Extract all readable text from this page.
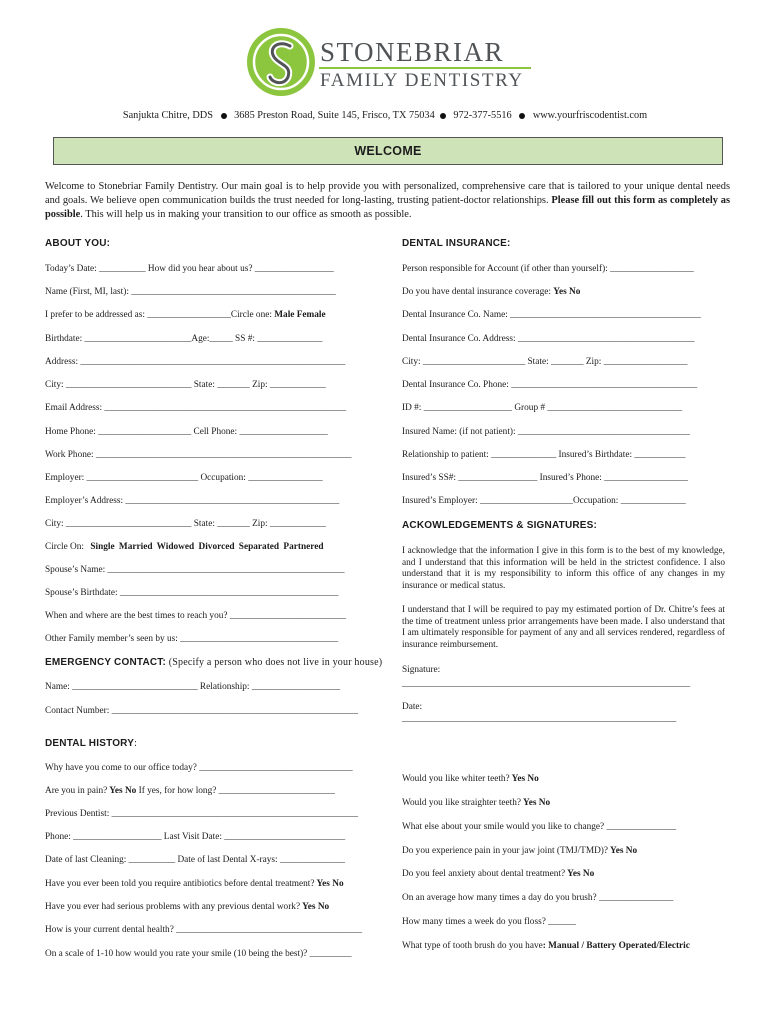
STONEBRIAR
FAMILY DENTISTRY
Sanjukta Chitre, DDS 3685 Preston Road, Suite 145, Frisco, TX 75034 972-377-5516 www.yourfriscodentist.com
WELCOME
Welcome to Stonebriar Family Dentistry. Our main goal is to help provide you with personalized, comprehensive care that is tailored to your unique dental needs and goals. We believe open communication builds the trust needed for long-lasting, trusting patient-doctor relationships. Please fill out this form as completely as possible. This will help us in making your transition to our office as smooth as possible.
ABOUT YOU:
Today’s Date: __________ How did you hear about us? _________________
Name (First, MI, last): ____________________________________________
I prefer to be addressed as: __________________Circle one: Male Female
Birthdate: _______________________Age:_____ SS #: ______________
Address: _________________________________________________________
City: ___________________________ State: _______ Zip: ____________
Email Address: ____________________________________________________
Home Phone: ____________________ Cell Phone: ___________________
Work Phone: _______________________________________________________
Employer: ________________________ Occupation: ________________
Employer’s Address: ______________________________________________
City: ___________________________ State: _______ Zip: ____________
Circle On: Single Married Widowed Divorced Separated Partnered
Spouse’s Name: ___________________________________________________
Spouse’s Birthdate: _______________________________________________
When and where are the best times to reach you? _________________________
Other Family member’s seen by us: __________________________________
EMERGENCY CONTACT: (Specify a person who does not live in your house)
Name: ___________________________ Relationship: ___________________
Contact Number: _____________________________________________________
DENTAL INSURANCE:
Person responsible for Account (if other than yourself): __________________
Do you have dental insurance coverage: Yes No
Dental Insurance Co. Name: _________________________________________
Dental Insurance Co. Address: ______________________________________
City: ______________________ State: _______ Zip: __________________
Dental Insurance Co. Phone: ________________________________________
ID #: ___________________ Group # _____________________________
Insured Name: (if not patient): _____________________________________
Relationship to patient: ______________ Insured’s Birthdate: ___________
Insured’s SS#: _________________ Insured’s Phone: __________________
Insured’s Employer: ____________________Occupation: ______________
ACKOWLEDGEMENTS & SIGNATURES:
I acknowledge that the information I give in this form is to the best of my knowledge, and I understand that this information will be held in the strictest confidence. I also understand that it is my responsibility to inform this office of any changes in my insurance or medical status.
I understand that I will be required to pay my estimated portion of Dr. Chitre’s fees at the time of treatment unless prior arrangements have been made. I also understand that I am ultimately responsible for payment of any and all services rendered, regardless of insurance reimbursement.
Signature:
______________________________________________________________
Date:
___________________________________________________________
DENTAL HISTORY:
Why have you come to our office today? _________________________________
Are you in pain? Yes No If yes, for how long? _________________________
Previous Dentist: _____________________________________________________
Phone: ___________________ Last Visit Date: __________________________
Date of last Cleaning: __________ Date of last Dental X-rays: ______________
Have you ever been told you require antibiotics before dental treatment? Yes No
Have you ever had serious problems with any previous dental work? Yes No
How is your current dental health? ________________________________________
On a scale of 1-10 how would you rate your smile (10 being the best)? _________
Would you like whiter teeth? Yes No
Would you like straighter teeth? Yes No
What else about your smile would you like to change? _______________
Do you experience pain in your jaw joint (TMJ/TMD)? Yes No
Do you feel anxiety about dental treatment? Yes No
On an average how many times a day do you brush? ________________
How many times a week do you floss? ______
What type of tooth brush do you have: Manual / Battery Operated/Electric
